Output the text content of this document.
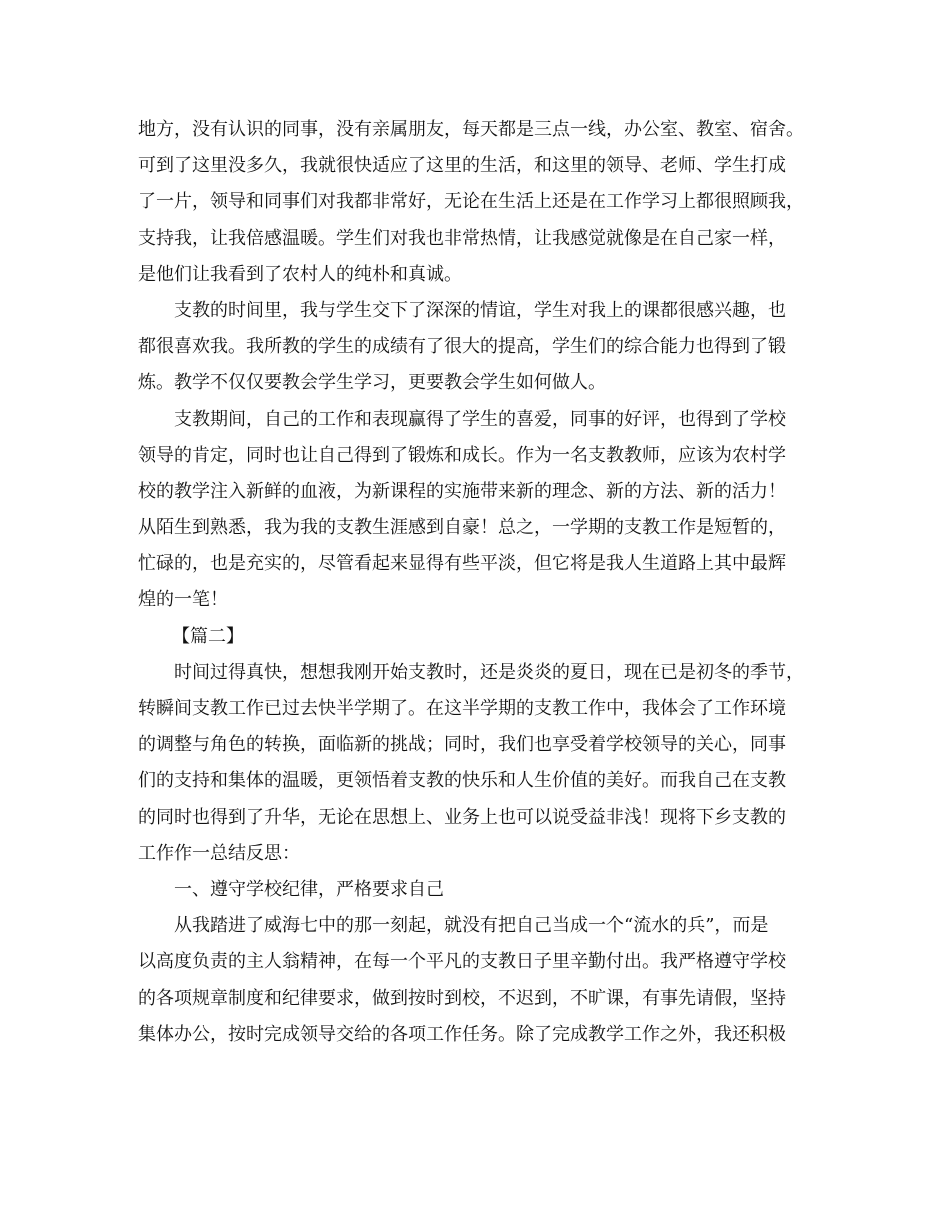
地方，没有认识的同事，没有亲属朋友，每天都是三点一线，办公室、教室、宿舍。
可到了这里没多久，我就很快适应了这里的生活，和这里的领导、老师、学生打成
了一片，领导和同事们对我都非常好，无论在生活上还是在工作学习上都很照顾我，
支持我，让我倍感温暖。学生们对我也非常热情，让我感觉就像是在自己家一样，
是他们让我看到了农村人的纯朴和真诚。
支教的时间里，我与学生交下了深深的情谊，学生对我上的课都很感兴趣，也
都很喜欢我。我所教的学生的成绩有了很大的提高，学生们的综合能力也得到了锻
炼。教学不仅仅要教会学生学习，更要教会学生如何做人。
支教期间，自己的工作和表现赢得了学生的喜爱，同事的好评，也得到了学校
领导的肯定，同时也让自己得到了锻炼和成长。作为一名支教教师，应该为农村学
校的教学注入新鲜的血液，为新课程的实施带来新的理念、新的方法、新的活力！
从陌生到熟悉，我为我的支教生涯感到自豪！总之，一学期的支教工作是短暂的，
忙碌的，也是充实的，尽管看起来显得有些平淡，但它将是我人生道路上其中最辉
煌的一笔！
【篇二】
时间过得真快，想想我刚开始支教时，还是炎炎的夏日，现在已是初冬的季节，
转瞬间支教工作已过去快半学期了。在这半学期的支教工作中，我体会了工作环境
的调整与角色的转换，面临新的挑战；同时，我们也享受着学校领导的关心，同事
们的支持和集体的温暖，更领悟着支教的快乐和人生价值的美好。而我自己在支教
的同时也得到了升华，无论在思想上、业务上也可以说受益非浅！现将下乡支教的
工作作一总结反思：
一、遵守学校纪律，严格要求自己
从我踏进了威海七中的那一刻起，就没有把自己当成一个“流水的兵”，而是
以高度负责的主人翁精神，在每一个平凡的支教日子里辛勤付出。我严格遵守学校
的各项规章制度和纪律要求，做到按时到校，不迟到，不旷课，有事先请假，坚持
集体办公，按时完成领导交给的各项工作任务。除了完成教学工作之外，我还积极
